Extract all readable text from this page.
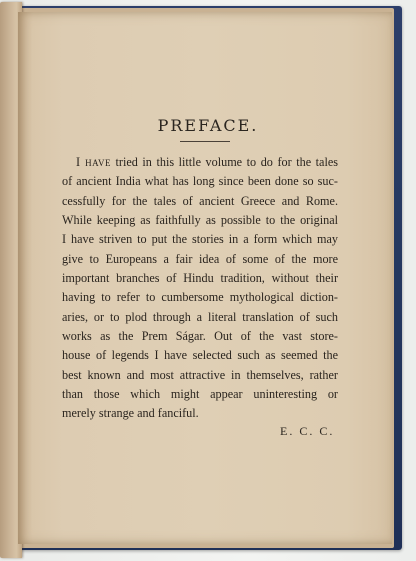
PREFACE.
I have tried in this little volume to do for the tales
of ancient India what has long since been done so suc-
cessfully for the tales of ancient Greece and Rome.
While keeping as faithfully as possible to the original
I have striven to put the stories in a form which may
give to Europeans a fair idea of some of the more
important branches of Hindu tradition, without their
having to refer to cumbersome mythological diction-
aries, or to plod through a literal translation of such
works as the Prem Ságar. Out of the vast store-
house of legends I have selected such as seemed the
best known and most attractive in themselves, rather
than those which might appear uninteresting or
merely strange and fanciful.
E. C. C.
